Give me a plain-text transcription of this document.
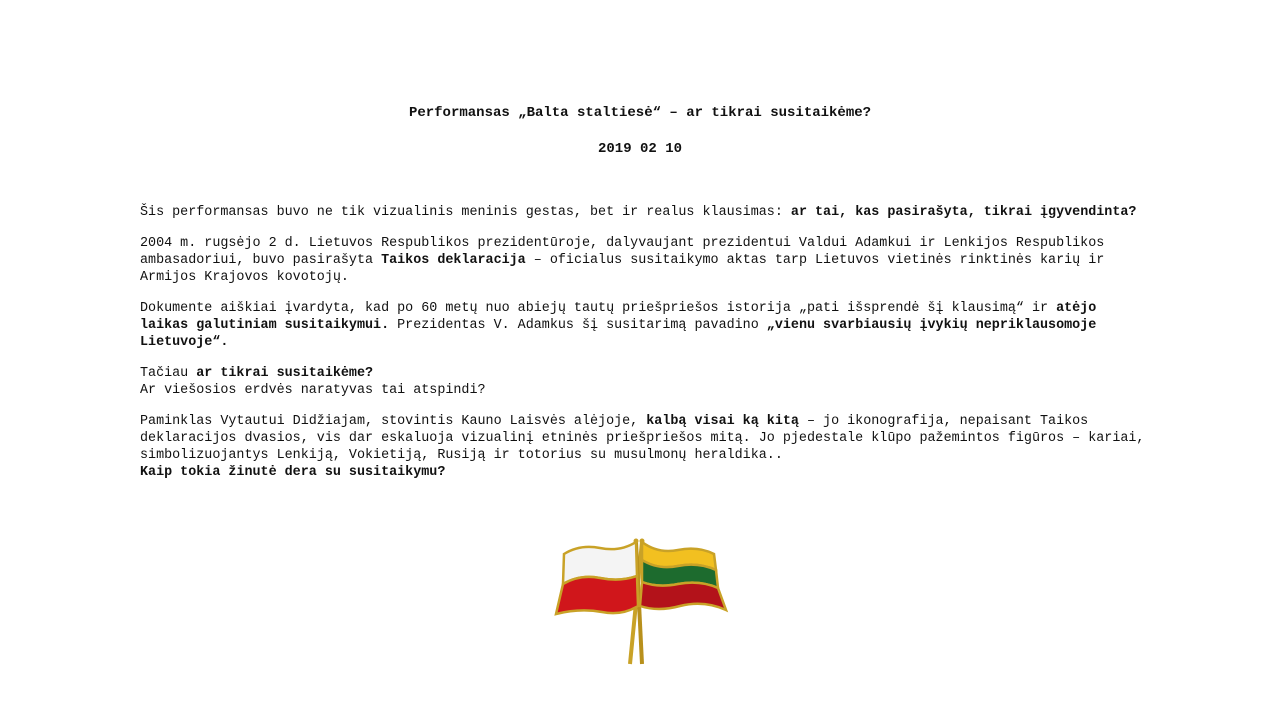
Performansas „Balta staltiesė“ – ar tikrai susitaikėme?
2019 02 10

Šis performansas buvo ne tik vizualinis meninis gestas, bet ir realus klausimas: ar tai, kas pasirašyta, tikrai įgyvendinta?

2004 m. rugsėjo 2 d. Lietuvos Respublikos prezidentūroje, dalyvaujant prezidentui Valdui Adamkui ir Lenkijos Respublikos ambasadoriui, buvo pasirašyta Taikos deklaracija – oficialus susitaikymo aktas tarp Lietuvos vietinės rinktinės karių ir Armijos Krajovos kovotojų.

Dokumente aiškiai įvardyta, kad po 60 metų nuo abiejų tautų priešpriešos istorija „pati išsprendė šį klausimą“ ir atėjo laikas galutiniam susitaikymui. Prezidentas V. Adamkus šį susitarimą pavadino „vienu svarbiausių įvykių nepriklausomoje Lietuvoje“.

Tačiau ar tikrai susitaikėme?
Ar viešosios erdvės naratyvas tai atspindi?

Paminklas Vytautui Didžiajam, stovintis Kauno Laisvės alėjoje, kalbą visai ką kitą – jo ikonografija, nepaisant Taikos deklaracijos dvasios, vis dar eskaluoja vizualinį etninės priešpriešos mitą. Jo pjedestale klūpo pažemintos figūros – kariai, simbolizuojantys Lenkiją, Vokietiją, Rusiją ir totorius su musulmonų heraldika..
Kaip tokia žinutė dera su susitaikymu?
